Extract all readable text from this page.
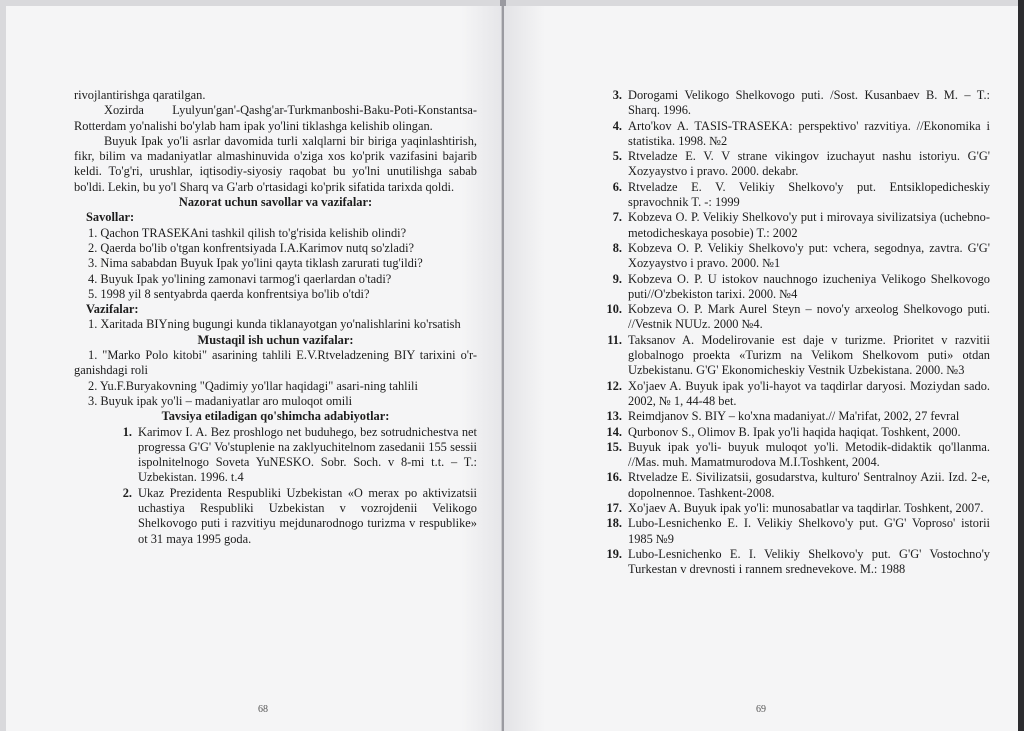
rivojlantirishga qaratilgan.

Xozirda Lyulyun'gan'-Qashg'ar-Turkmanboshi-Baku-Poti-Konstantsa-Rotterdam yo'nalishi bo'ylab ham ipak yo'lini tiklashga kelishib olingan.

Buyuk Ipak yo'li asrlar davomida turli xalqlarni bir biriga yaqinlashtirish, fikr, bilim va madaniyatlar almashinuvida o'ziga xos ko'prik vazifasini bajarib keldi. To'g'ri, urushlar, iqtisodiy-siyosiy raqobat bu yo'lni unutilishga sabab bo'ldi. Lekin, bu yo'l Sharq va G'arb o'rtasidagi ko'prik sifatida tarixda qoldi.

Nazorat uchun savollar va vazifalar:

Savollar:

1. Qachon TRASEKAni tashkil qilish to'g'risida kelishib olindi?

2. Qaerda bo'lib o'tgan konfrentsiyada I.A.Karimov nutq so'zladi?

3. Nima sababdan Buyuk Ipak yo'lini qayta tiklash zarurati tug'ildi?

4. Buyuk Ipak yo'lining zamonavi tarmog'i qaerlardan o'tadi?

5. 1998 yil 8 sentyabrda qaerda konfrentsiya bo'lib o'tdi?

Vazifalar:

1. Xaritada BIYning bugungi kunda tiklanayotgan yo'nalishlarini ko'rsatish

Mustaqil ish uchun vazifalar:

1. "Marko Polo kitobi" asarining tahlili E.V.Rtveladzening BIY tarixini o'r-ganishdagi roli

2. Yu.F.Buryakovning "Qadimiy yo'llar haqidagi" asari-ning tahlili

3. Buyuk ipak yo'li – madaniyatlar aro muloqot omili

Tavsiya etiladigan qo'shimcha adabiyotlar:

1. Karimov I. A. Bez proshlogo net buduhego, bez sotrudnichestva net progressa G'G' Vo'stuplenie na zaklyuchitelnom zasedanii 155 sessii ispolnitelnogo Soveta YuNESKO. Sobr. Soch. v 8-mi t.t. – T.: Uzbekistan. 1996. t.4
2. Ukaz Prezidenta Respubliki Uzbekistan «O merax po aktivizatsii uchastiya Respubliki Uzbekistan v vozrojdenii Velikogo Shelkovogo puti i razvitiyu mejdunarodnogo turizma v respublike» ot 31 maya 1995 goda.
68
3. Dorogami Velikogo Shelkovogo puti. /Sost. Kusanbaev B. M. – T.: Sharq. 1996.
4. Arto'kov A. TASIS-TRASEKA: perspektivo' razvitiya. //Ekonomika i statistika. 1998. №2
5. Rtveladze E. V. V strane vikingov izuchayut nashu istoriyu. G'G' Xozyaystvo i pravo. 2000. dekabr.
6. Rtveladze E. V. Velikiy Shelkovo'y put. Entsiklopedicheskiy spravochnik T. -: 1999
7. Kobzeva O. P. Velikiy Shelkovo'y put i mirovaya sivilizatsiya (uchebno-metodicheskaya posobie) T.: 2002
8. Kobzeva O. P. Velikiy Shelkovo'y put: vchera, segodnya, zavtra. G'G' Xozyaystvo i pravo. 2000. №1
9. Kobzeva O. P. U istokov nauchnogo izucheniya Velikogo Shelkovogo puti//O'zbekiston tarixi. 2000. №4
10. Kobzeva O. P. Mark Aurel Steyn – novo'y arxeolog Shelkovogo puti. //Vestnik NUUz. 2000 №4.
11. Taksanov A. Modelirovanie est daje v turizme. Prioritet v razvitii globalnogo proekta «Turizm na Velikom Shelkovom puti» otdan Uzbekistanu. G'G' Ekonomicheskiy Vestnik Uzbekistana. 2000. №3
12. Xo'jaev A. Buyuk ipak yo'li-hayot va taqdirlar daryosi. Moziydan sado. 2002, № 1, 44-48 bet.
13. Reimdjanov S. BIY – ko'xna madaniyat.// Ma'rifat, 2002, 27 fevral
14. Qurbonov S., Olimov B. Ipak yo'li haqida haqiqat. Toshkent, 2000.
15. Buyuk ipak yo'li- buyuk muloqot yo'li. Metodik-didaktik qo'llanma. //Mas. muh. Mamatmurodova M.I.Toshkent, 2004.
16. Rtveladze E. Sivilizatsii, gosudarstva, kulturo' Sentralnoy Azii. Izd. 2-e, dopolnennoe. Tashkent-2008.
17. Xo'jaev A. Buyuk ipak yo'li: munosabatlar va taqdirlar. Toshkent, 2007.
18. Lubo-Lesnichenko E. I. Velikiy Shelkovo'y put. G'G' Voproso' istorii 1985 №9
19. Lubo-Lesnichenko E. I. Velikiy Shelkovo'y put. G'G' Vostochno'y Turkestan v drevnosti i rannem srednevekove. M.: 1988
69
